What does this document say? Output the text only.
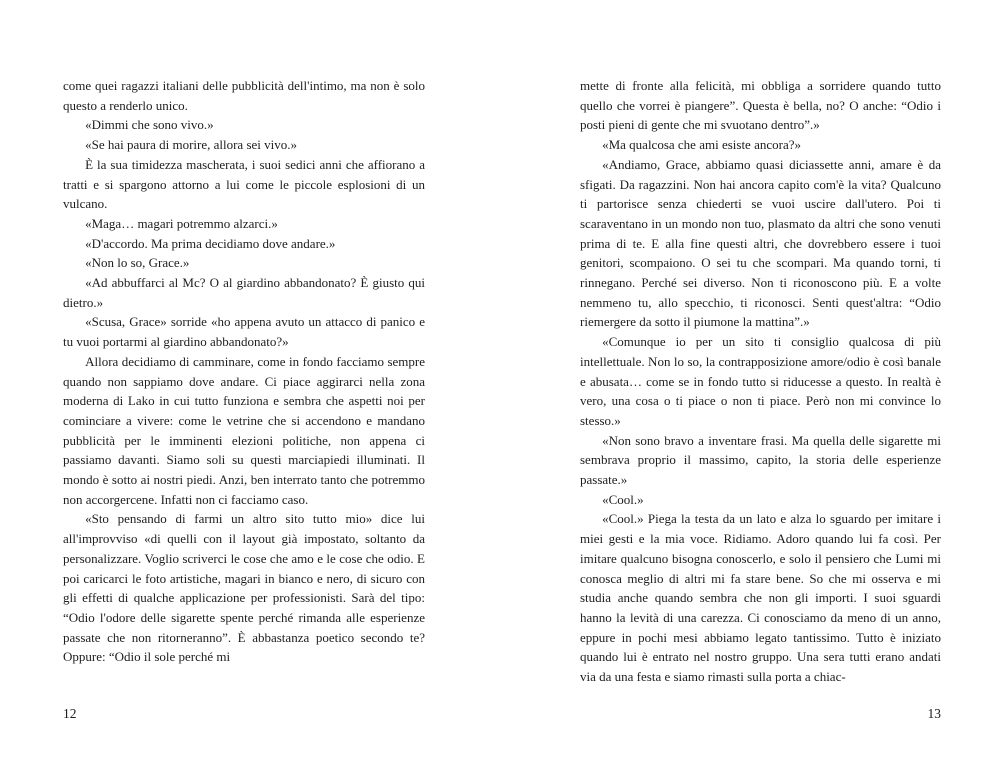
come quei ragazzi italiani delle pubblicità dell'intimo, ma non è solo questo a renderlo unico.

«Dimmi che sono vivo.»

«Se hai paura di morire, allora sei vivo.»

È la sua timidezza mascherata, i suoi sedici anni che affiorano a tratti e si spargono attorno a lui come le piccole esplosioni di un vulcano.

«Maga… magari potremmo alzarci.»

«D'accordo. Ma prima decidiamo dove andare.»

«Non lo so, Grace.»

«Ad abbuffarci al Mc? O al giardino abbandonato? È giusto qui dietro.»

«Scusa, Grace» sorride «ho appena avuto un attacco di panico e tu vuoi portarmi al giardino abbandonato?»

Allora decidiamo di camminare, come in fondo facciamo sempre quando non sappiamo dove andare. Ci piace aggirarci nella zona moderna di Lako in cui tutto funziona e sembra che aspetti noi per cominciare a vivere: come le vetrine che si accendono e mandano pubblicità per le imminenti elezioni politiche, non appena ci passiamo davanti. Siamo soli su questi marciapiedi illuminati. Il mondo è sotto ai nostri piedi. Anzi, ben interrato tanto che potremmo non accorgercene. Infatti non ci facciamo caso.

«Sto pensando di farmi un altro sito tutto mio» dice lui all'improvviso «di quelli con il layout già impostato, soltanto da personalizzare. Voglio scriverci le cose che amo e le cose che odio. E poi caricarci le foto artistiche, magari in bianco e nero, di sicuro con gli effetti di qualche applicazione per professionisti. Sarà del tipo: “Odio l'odore delle sigarette spente perché rimanda alle esperienze passate che non ritorneranno”. È abbastanza poetico secondo te? Oppure: “Odio il sole perché mi

12

mette di fronte alla felicità, mi obbliga a sorridere quando tutto quello che vorrei è piangere”. Questa è bella, no? O anche: “Odio i posti pieni di gente che mi svuotano dentro”.»

«Ma qualcosa che ami esiste ancora?»

«Andiamo, Grace, abbiamo quasi diciassette anni, amare è da sfigati. Da ragazzini. Non hai ancora capito com'è la vita? Qualcuno ti partorisce senza chiederti se vuoi uscire dall'utero. Poi ti scaraventano in un mondo non tuo, plasmato da altri che sono venuti prima di te. E alla fine questi altri, che dovrebbero essere i tuoi genitori, scompaiono. O sei tu che scompari. Ma quando torni, ti rinnegano. Perché sei diverso. Non ti riconoscono più. E a volte nemmeno tu, allo specchio, ti riconosci. Senti quest'altra: “Odio riemergere da sotto il piumone la mattina”.»

«Comunque io per un sito ti consiglio qualcosa di più intellettuale. Non lo so, la contrapposizione amore/odio è così banale e abusata… come se in fondo tutto si riducesse a questo. In realtà è vero, una cosa o ti piace o non ti piace. Però non mi convince lo stesso.»

«Non sono bravo a inventare frasi. Ma quella delle sigarette mi sembrava proprio il massimo, capito, la storia delle esperienze passate.»

«Cool.»

«Cool.» Piega la testa da un lato e alza lo sguardo per imitare i miei gesti e la mia voce. Ridiamo. Adoro quando lui fa così. Per imitare qualcuno bisogna conoscerlo, e solo il pensiero che Lumi mi conosca meglio di altri mi fa stare bene. So che mi osserva e mi studia anche quando sembra che non gli importi. I suoi sguardi hanno la levità di una carezza. Ci conosciamo da meno di un anno, eppure in pochi mesi abbiamo legato tantissimo. Tutto è iniziato quando lui è entrato nel nostro gruppo. Una sera tutti erano andati via da una festa e siamo rimasti sulla porta a chiac-

13
